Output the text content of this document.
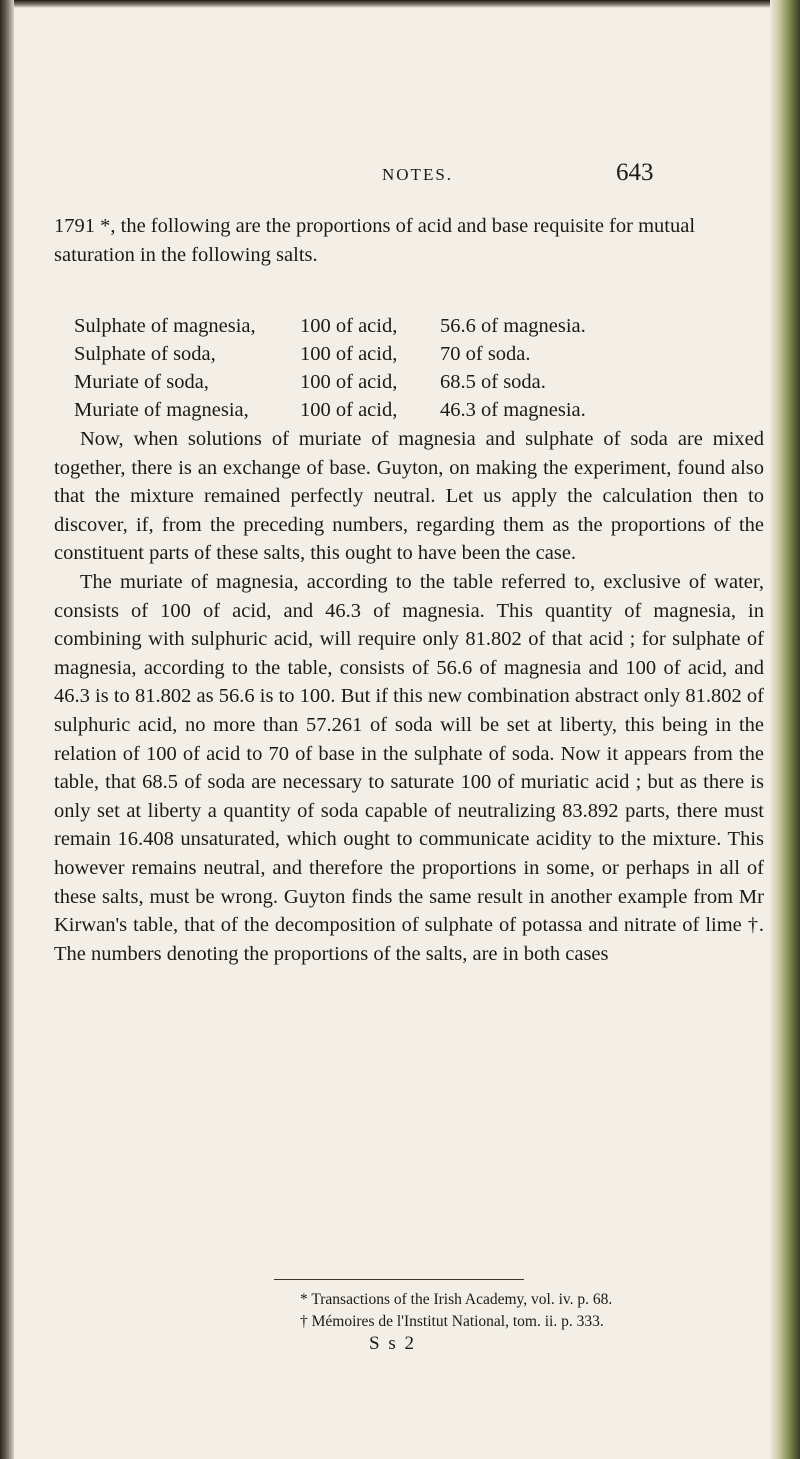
NOTES.	643
1791 *, the following are the proportions of acid and base requisite for mutual saturation in the following salts.
Sulphate of magnesia,	100 of acid,	56.6 of magnesia.
Sulphate of soda,	100 of acid,	70 of soda.
Muriate of soda,	100 of acid,	68.5 of soda.
Muriate of magnesia,	100 of acid,	46.3 of magnesia.

Now, when solutions of muriate of magnesia and sulphate of soda are mixed together, there is an exchange of base. Guyton, on making the experiment, found also that the mixture remained perfectly neutral. Let us apply the calculation then to discover, if, from the preceding numbers, regarding them as the proportions of the constituent parts of these salts, this ought to have been the case.

The muriate of magnesia, according to the table referred to, exclusive of water, consists of 100 of acid, and 46.3 of magnesia. This quantity of magnesia, in combining with sulphuric acid, will require only 81.802 of that acid ; for sulphate of magnesia, according to the table, consists of 56.6 of magnesia and 100 of acid, and 46.3 is to 81.802 as 56.6 is to 100. But if this new combination abstract only 81.802 of sulphuric acid, no more than 57.261 of soda will be set at liberty, this being in the relation of 100 of acid to 70 of base in the sulphate of soda. Now it appears from the table, that 68.5 of soda are necessary to saturate 100 of muriatic acid ; but as there is only set at liberty a quantity of soda capable of neutralizing 83.892 parts, there must remain 16.408 unsaturated, which ought to communicate acidity to the mixture. This however remains neutral, and therefore the proportions in some, or perhaps in all of these salts, must be wrong. Guyton finds the same result in another example from Mr Kirwan's table, that of the decomposition of sulphate of potassa and nitrate of lime †. The numbers denoting the proportions of the salts, are in both cases

* Transactions of the Irish Academy, vol. iv. p. 68.

† Mémoires de l'Institut National, tom. ii. p. 333.

S s 2
